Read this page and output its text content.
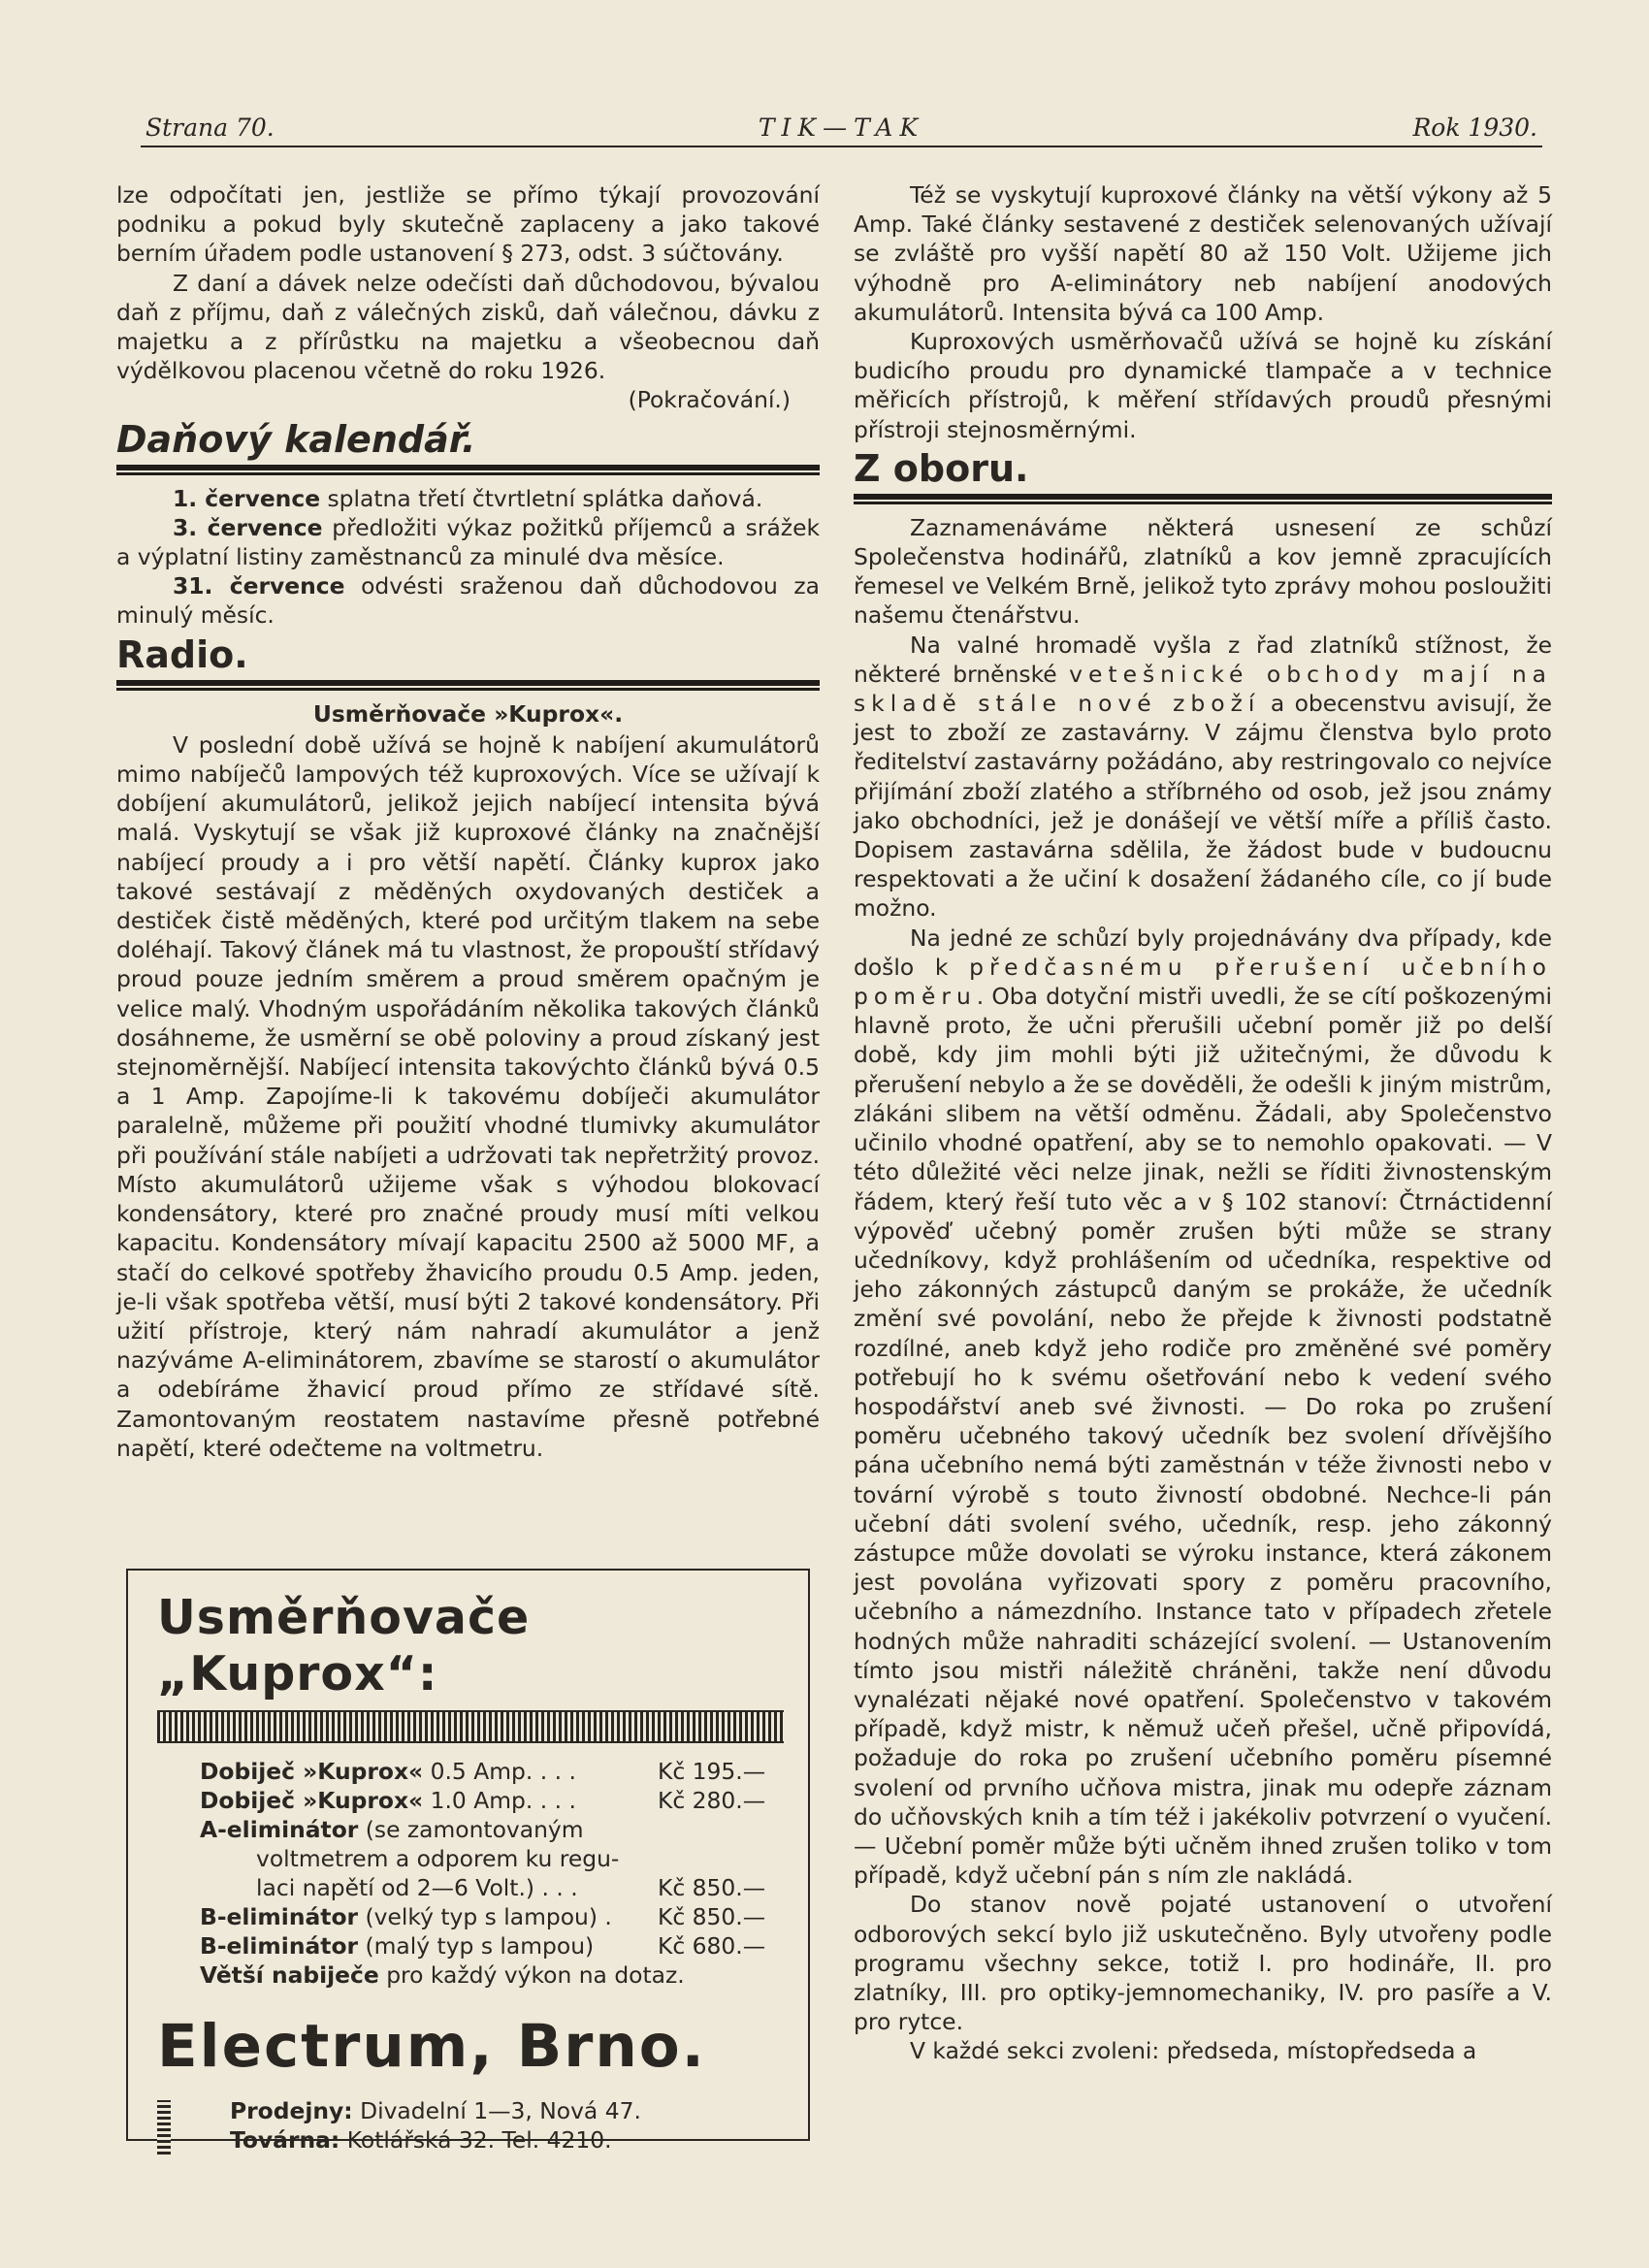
Strana 70.	TIK—TAK	Rok 1930.

lze odpočítati jen, jestliže se přímo týkají provozování podniku a pokud byly skutečně zaplaceny a jako takové berním úřadem podle ustanovení § 273, odst. 3 súčtovány.

Z daní a dávek nelze odečísti daň důchodovou, bývalou daň z příjmu, daň z válečných zisků, daň válečnou, dávku z majetku a z přírůstku na majetku a všeobecnou daň výdělkovou placenou včetně do roku 1926.

(Pokračování.)
Daňový kalendář.
1. července splatna třetí čtvrtletní splátka daňová.
3. července předložiti výkaz požitků příjemců a srážek a výplatní listiny zaměstnanců za minulé dva měsíce.
31. července odvésti sraženou daň důchodovou za minulý měsíc.
Radio.
Usměrňovače »Kuprox«.

V poslední době užívá se hojně k nabíjení akumulátorů mimo nabíječů lampových též kuproxových. Více se užívají k dobíjení akumulátorů, jelikož jejich nabíjecí intensita bývá malá. Vyskytují se však již kuproxové články na značnější nabíjecí proudy a i pro větší napětí. Články kuprox jako takové sestávají z měděných oxydovaných destiček a destiček čistě měděných, které pod určitým tlakem na sebe doléhají. Takový článek má tu vlastnost, že propouští střídavý proud pouze jedním směrem a proud směrem opačným je velice malý. Vhodným uspořádáním několika takových článků dosáhneme, že usměrní se obě poloviny a proud získaný jest stejnoměrnější. Nabíjecí intensita takovýchto článků bývá 0.5 a 1 Amp. Zapojíme-li k takovému dobíječi akumulátor paralelně, můžeme při použití vhodné tlumivky akumulátor při používání stále nabíjeti a udržovati tak nepřetržitý provoz. Místo akumulátorů užijeme však s výhodou blokovací kondensátory, které pro značné proudy musí míti velkou kapacitu. Kondensátory mívají kapacitu 2500 až 5000 MF, a stačí do celkové spotřeby žhavicího proudu 0.5 Amp. jeden, je-li však spotřeba větší, musí býti 2 takové kondensátory. Při užití přístroje, který nám nahradí akumulátor a jenž nazýváme A-eliminátorem, zbavíme se starostí o akumulátor a odebíráme žhavicí proud přímo ze střídavé sítě. Zamontovaným reostatem nastavíme přesně potřebné napětí, které odečteme na voltmetru.

Usměrňovače „Kuprox“:
Dobiječ »Kuprox« 0.5 Amp. . . .	Kč 195.—
Dobiječ »Kuprox« 1.0 Amp. . . .	Kč 280.—
A-eliminátor (se zamontovaným
voltmetrem a odporem ku regu-
laci napětí od 2—6 Volt.) . . .	Kč 850.—
B-eliminátor (velký typ s lampou) .	Kč 850.—
B-eliminátor (malý typ s lampou)	Kč 680.—
Větší nabiječe pro každý výkon na dotaz.
Electrum, Brno.
Prodejny: Divadelní 1—3, Nová 47.
Továrna: Kotlářská 32. Tel. 4210.

Též se vyskytují kuproxové články na větší výkony až 5 Amp. Také články sestavené z destiček selenovaných užívají se zvláště pro vyšší napětí 80 až 150 Volt. Užijeme jich výhodně pro A-eliminátory neb nabíjení anodových akumulátorů. Intensita bývá ca 100 Amp.

Kuproxových usměrňovačů užívá se hojně ku získání budicího proudu pro dynamické tlampače a v technice měřicích přístrojů, k měření střídavých proudů přesnými přístroji stejnosměrnými.

Z oboru.

Zaznamenáváme některá usnesení ze schůzí Společenstva hodinářů, zlatníků a kov jemně zpracujících řemesel ve Velkém Brně, jelikož tyto zprávy mohou posloužiti našemu čtenářstvu.

Na valné hromadě vyšla z řad zlatníků stížnost, že některé brněnské vetešnické obchody mají na skladě stále nové zboží a obecenstvu avisují, že jest to zboží ze zastavárny. V zájmu členstva bylo proto ředitelství zastavárny požádáno, aby restringovalo co nejvíce přijímání zboží zlatého a stříbrného od osob, jež jsou známy jako obchodníci, jež je donášejí ve větší míře a příliš často. Dopisem zastavárna sdělila, že žádost bude v budoucnu respektovati a že učiní k dosažení žádaného cíle, co jí bude možno.

Na jedné ze schůzí byly projednávány dva případy, kde došlo k předčasnému přerušení učebního poměru. Oba dotyční mistři uvedli, že se cítí poškozenými hlavně proto, že učni přerušili učební poměr již po delší době, kdy jim mohli býti již užitečnými, že důvodu k přerušení nebylo a že se dověděli, že odešli k jiným mistrům, zlákáni slibem na větší odměnu. Žádali, aby Společenstvo učinilo vhodné opatření, aby se to nemohlo opakovati. — V této důležité věci nelze jinak, nežli se říditi živnostenským řádem, který řeší tuto věc a v § 102 stanoví: Čtrnáctidenní výpověď učebný poměr zrušen býti může se strany učedníkovy, když prohlášením od učedníka, respektive od jeho zákonných zástupců daným se prokáže, že učedník změní své povolání, nebo že přejde k živnosti podstatně rozdílné, aneb když jeho rodiče pro změněné své poměry potřebují ho k svému ošetřování nebo k vedení svého hospodářství aneb své živnosti. — Do roka po zrušení poměru učebného takový učedník bez svolení dřívějšího pána učebního nemá býti zaměstnán v téže živnosti nebo v tovární výrobě s touto živností obdobné. Nechce-li pán učební dáti svolení svého, učedník, resp. jeho zákonný zástupce může dovolati se výroku instance, která zákonem jest povolána vyřizovati spory z poměru pracovního, učebního a námezdního. Instance tato v případech zřetele hodných může nahraditi scházející svolení. — Ustanovením tímto jsou mistři náležitě chráněni, takže není důvodu vynalézati nějaké nové opatření. Společenstvo v takovém případě, když mistr, k němuž učeň přešel, učně připovídá, požaduje do roka po zrušení učebního poměru písemné svolení od prvního učňova mistra, jinak mu odepře záznam do učňovských knih a tím též i jakékoliv potvrzení o vyučení. — Učební poměr může býti učněm ihned zrušen toliko v tom případě, když učební pán s ním zle nakládá.

Do stanov nově pojaté ustanovení o utvoření odborových sekcí bylo již uskutečněno. Byly utvořeny podle programu všechny sekce, totiž I. pro hodináře, II. pro zlatníky, III. pro optiky-jemnomechaniky, IV. pro pasíře a V. pro rytce.

V každé sekci zvoleni: předseda, místopředseda a
